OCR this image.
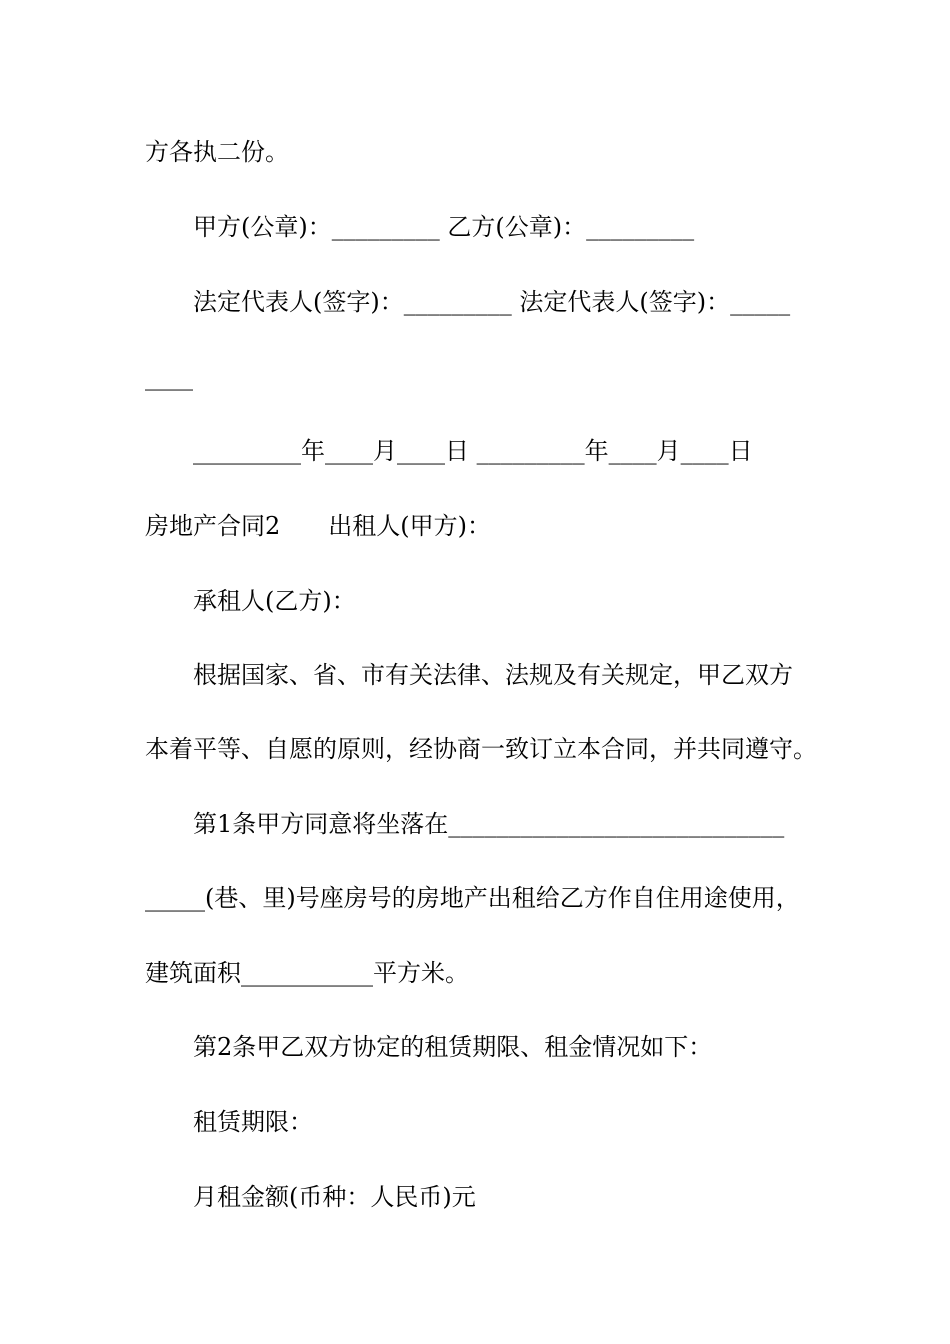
方各执二份。
甲方(公章)：_________ 乙方(公章)：_________
法定代表人(签字)：_________ 法定代表人(签字)：_____
____
_________年____月____日 _________年____月____日
房地产合同2　　出租人(甲方)：
承租人(乙方)：
根据国家、省、市有关法律、法规及有关规定，甲乙双方
本着平等、自愿的原则，经协商一致订立本合同，并共同遵守。
第1条甲方同意将坐落在____________________________
_____(巷、里)号座房号的房地产出租给乙方作自住用途使用，
建筑面积___________平方米。
第2条甲乙双方协定的租赁期限、租金情况如下：
租赁期限：
月租金额(币种：人民币)元
